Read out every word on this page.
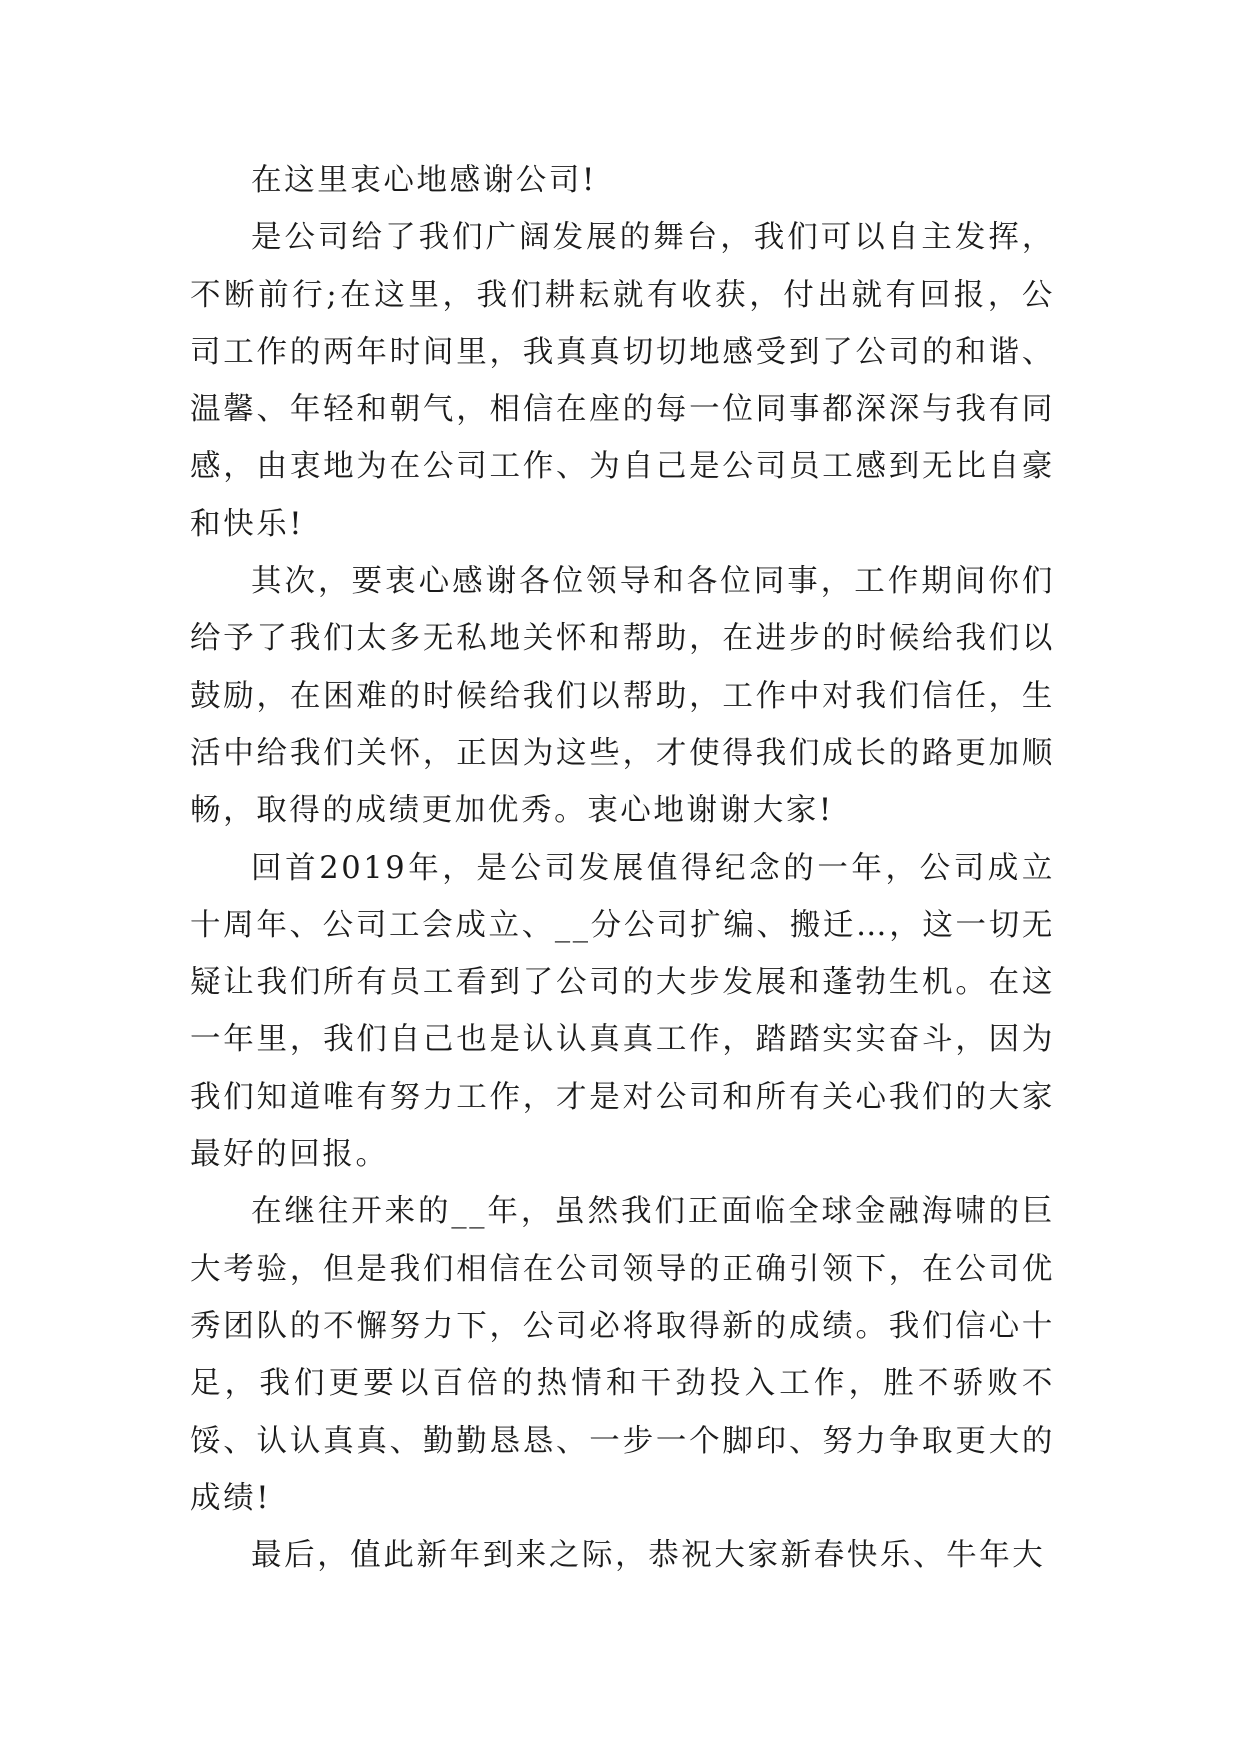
在这里衷心地感谢公司!

是公司给了我们广阔发展的舞台，我们可以自主发挥，不断前行;在这里，我们耕耘就有收获，付出就有回报，公司工作的两年时间里，我真真切切地感受到了公司的和谐、温馨、年轻和朝气，相信在座的每一位同事都深深与我有同感，由衷地为在公司工作、为自己是公司员工感到无比自豪和快乐!

其次，要衷心感谢各位领导和各位同事，工作期间你们给予了我们太多无私地关怀和帮助，在进步的时候给我们以鼓励，在困难的时候给我们以帮助，工作中对我们信任，生活中给我们关怀，正因为这些，才使得我们成长的路更加顺畅，取得的成绩更加优秀。衷心地谢谢大家!

回首2019年，是公司发展值得纪念的一年，公司成立十周年、公司工会成立、__分公司扩编、搬迁…，这一切无疑让我们所有员工看到了公司的大步发展和蓬勃生机。在这一年里，我们自己也是认认真真工作，踏踏实实奋斗，因为我们知道唯有努力工作，才是对公司和所有关心我们的大家最好的回报。

在继往开来的__年，虽然我们正面临全球金融海啸的巨大考验，但是我们相信在公司领导的正确引领下，在公司优秀团队的不懈努力下，公司必将取得新的成绩。我们信心十足，我们更要以百倍的热情和干劲投入工作，胜不骄败不馁、认认真真、勤勤恳恳、一步一个脚印、努力争取更大的成绩!

最后，值此新年到来之际，恭祝大家新春快乐、牛年大
